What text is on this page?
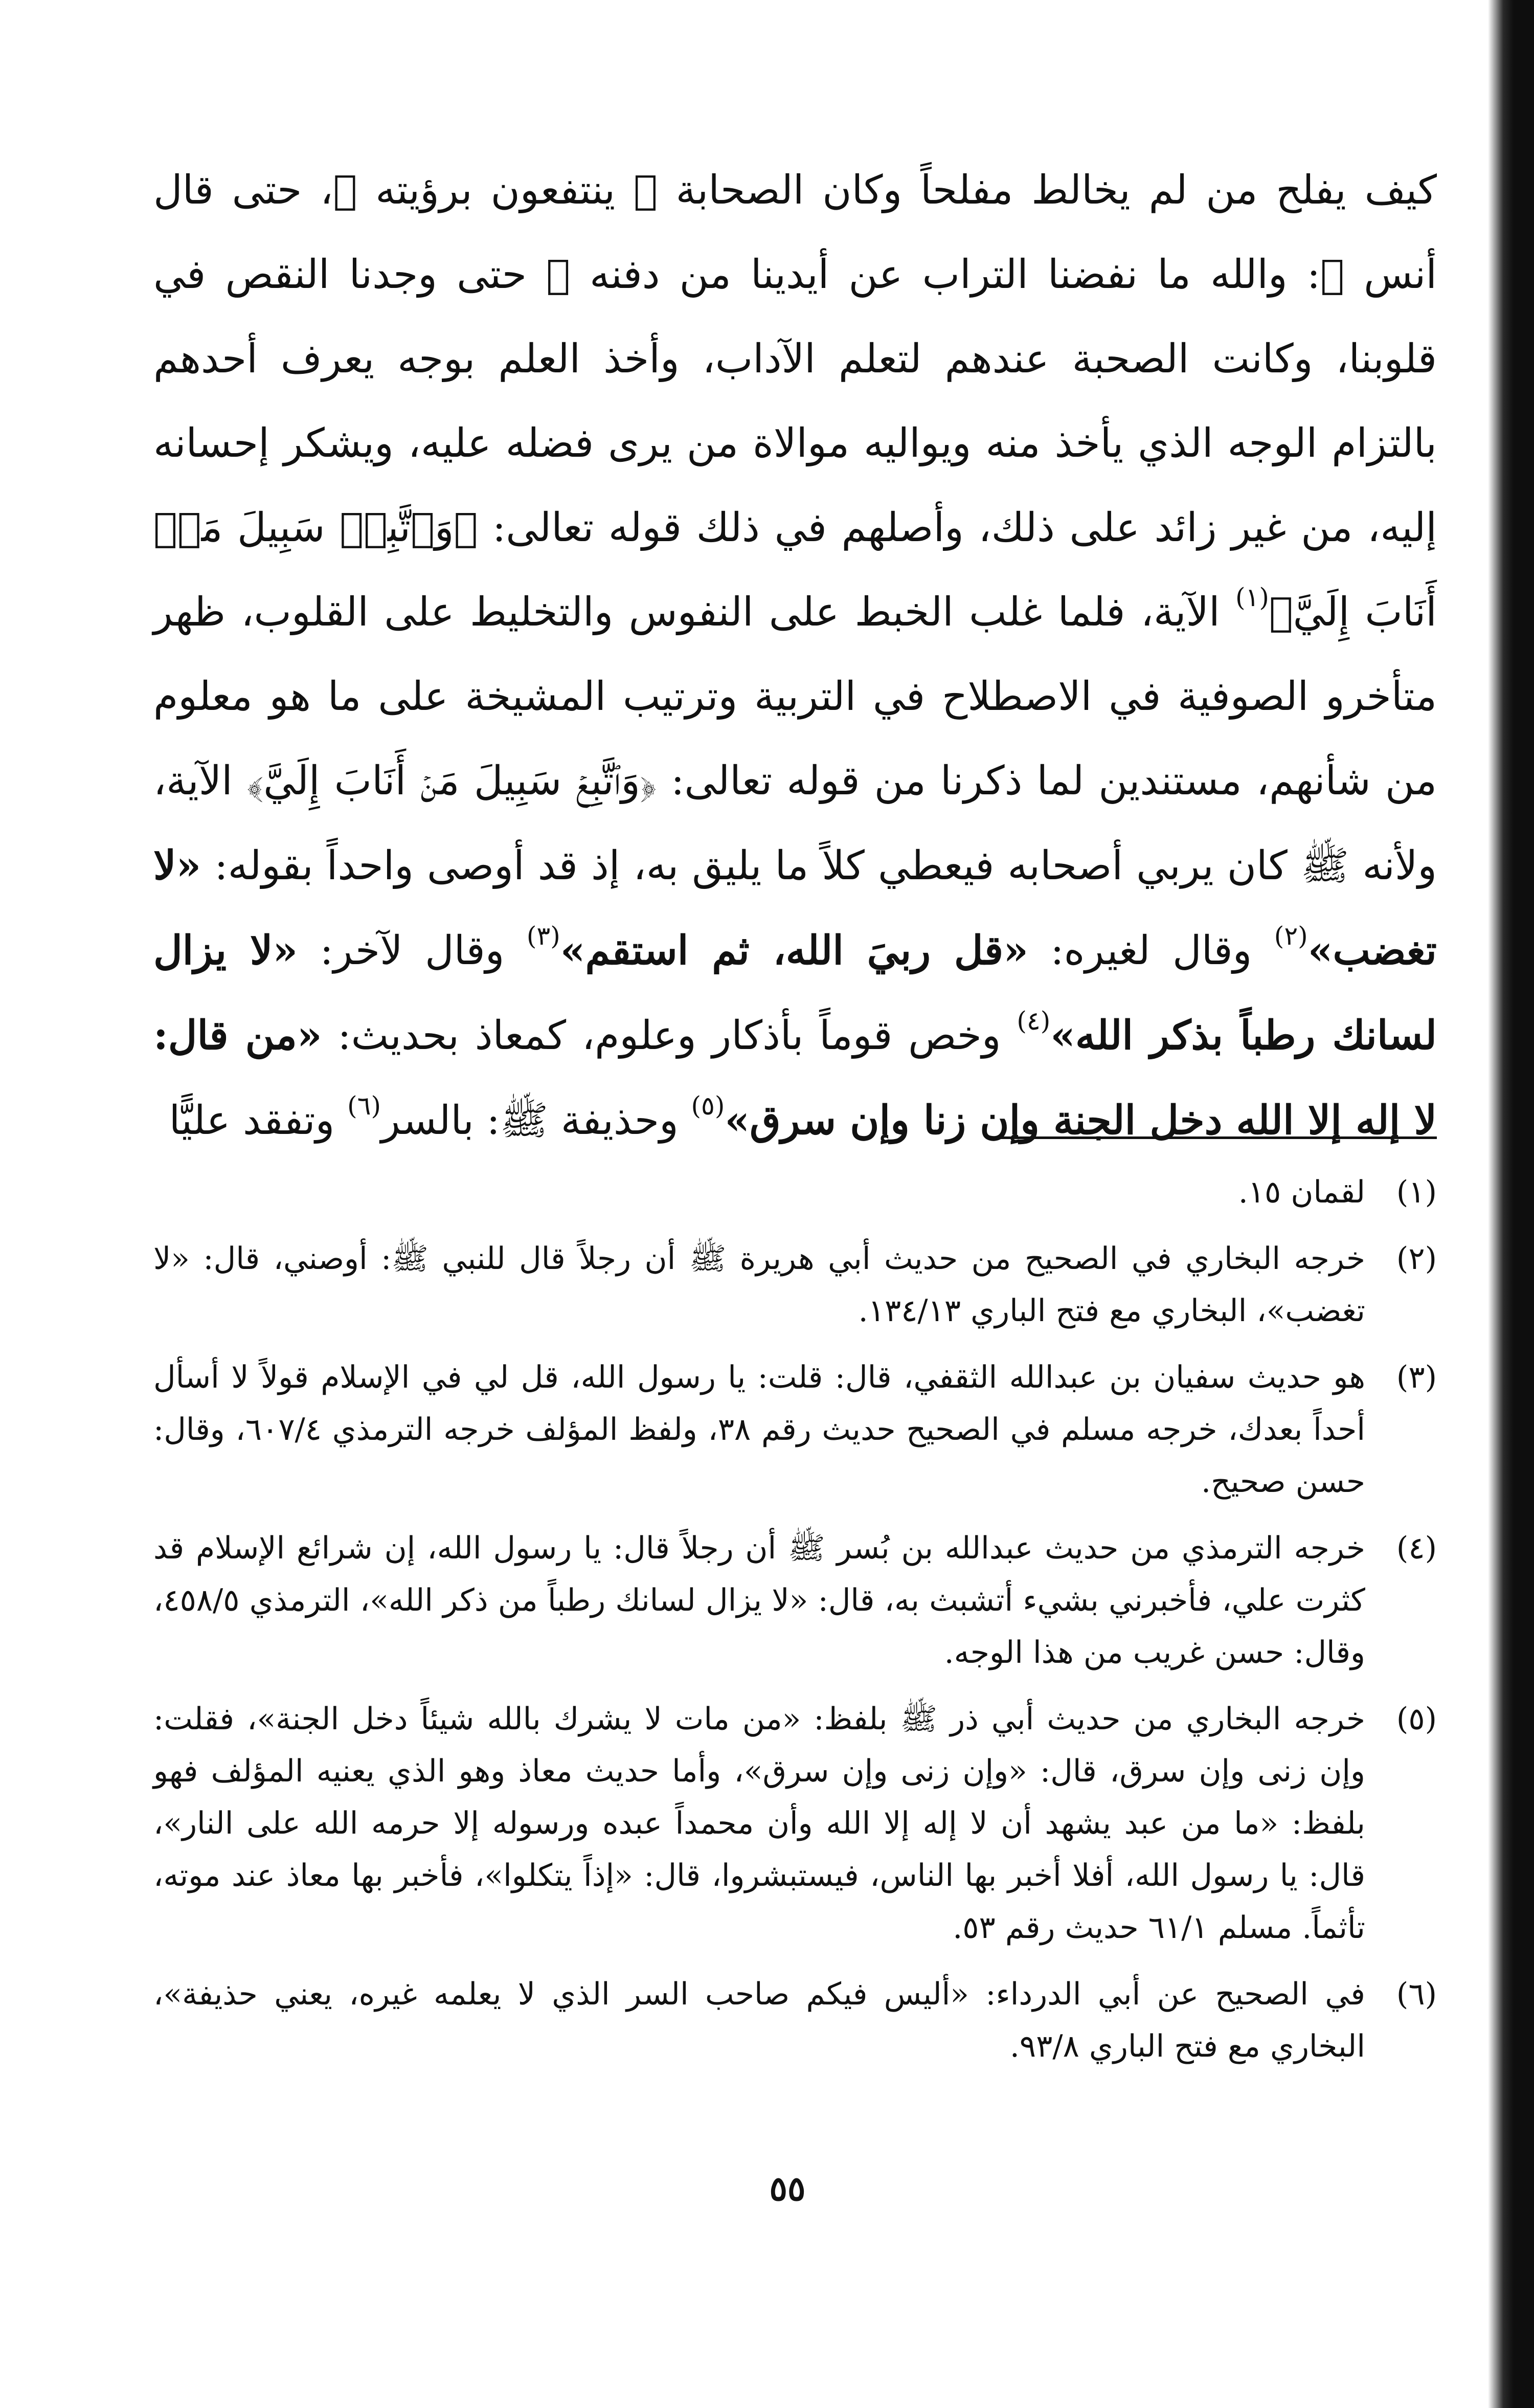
كيف يفلح من لم يخالط مفلحاً وكان الصحابة ﷺ ينتفعون برؤيته ﷺ، حتى قال أنس ﷺ: والله ما نفضنا التراب عن أيدينا من دفنه ﷺ حتى وجدنا النقص في قلوبنا، وكانت الصحبة عندهم لتعلم الآداب، وأخذ العلم بوجه يعرف أحدهم بالتزام الوجه الذي يأخذ منه ويواليه موالاة من يرى فضله عليه، ويشكر إحسانه إليه، من غير زائد على ذلك، وأصلهم في ذلك قوله تعالى: ﴿وَٱتَّبِعۡ سَبِيلَ مَنۡ أَنَابَ إِلَيَّ﴾$^{(١)}$ الآية، فلما غلب الخبط على النفوس والتخليط على القلوب، ظهر متأخرو الصوفية في الاصطلاح في التربية وترتيب المشيخة على ما هو معلوم من شأنهم، مستندين لما ذكرنا من قوله تعالى: ﴿وَٱتَّبِعۡ سَبِيلَ مَنۡ أَنَابَ إِلَيَّ﴾ الآية، ولأنه ﷺ كان يربي أصحابه فيعطي كلاً ما يليق به، إذ قد أوصى واحداً بقوله: «لا تغضب»$^{(٢)}$ وقال لغيره: «قل ربيَ الله، ثم استقم»$^{(٣)}$ وقال لآخر: «لا يزال لسانك رطباً بذكر الله»$^{(٤)}$ وخص قوماً بأذكار وعلوم، كمعاذ بحديث: «من قال: لا إله إلا الله دخل الجنة وإن زنا وإن سرق»$^{(٥)}$ وحذيفة ﷺ: بالسر$^{(٦)}$ وتفقد عليًّا

(١)
لقمان ١٥.
(٢)
خرجه البخاري في الصحيح من حديث أبي هريرة ﷺ أن رجلاً قال للنبي ﷺ: أوصني، قال: «لا تغضب»، البخاري مع فتح الباري ١٣٤/١٣.
(٣)
هو حديث سفيان بن عبدالله الثقفي، قال: قلت: يا رسول الله، قل لي في الإسلام قولاً لا أسأل أحداً بعدك، خرجه مسلم في الصحيح حديث رقم ٣٨، ولفظ المؤلف خرجه الترمذي ٦٠٧/٤، وقال: حسن صحيح.
(٤)
خرجه الترمذي من حديث عبدالله بن بُسر ﷺ أن رجلاً قال: يا رسول الله، إن شرائع الإسلام قد كثرت علي، فأخبرني بشيء أتشبث به، قال: «لا يزال لسانك رطباً من ذكر الله»، الترمذي ٤٥٨/٥، وقال: حسن غريب من هذا الوجه.
(٥)
خرجه البخاري من حديث أبي ذر ﷺ بلفظ: «من مات لا يشرك بالله شيئاً دخل الجنة»، فقلت: وإن زنى وإن سرق، قال: «وإن زنى وإن سرق»، وأما حديث معاذ وهو الذي يعنيه المؤلف فهو بلفظ: «ما من عبد يشهد أن لا إله إلا الله وأن محمداً عبده ورسوله إلا حرمه الله على النار»، قال: يا رسول الله، أفلا أخبر بها الناس، فيستبشروا، قال: «إذاً يتكلوا»، فأخبر بها معاذ عند موته، تأثماً. مسلم ٦١/١ حديث رقم ٥٣.
(٦)
في الصحيح عن أبي الدرداء: «أليس فيكم صاحب السر الذي لا يعلمه غيره، يعني حذيفة»، البخاري مع فتح الباري ٩٣/٨.
٥٥
